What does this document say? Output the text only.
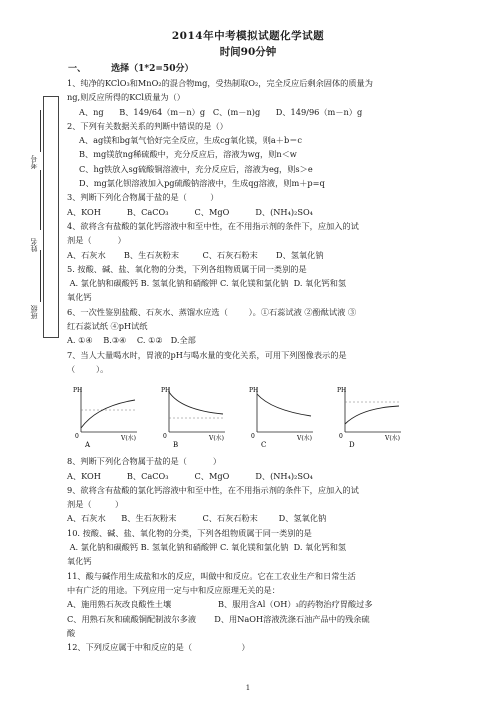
2014年中考模拟试题化学试题
时间90分钟
一、	选择（1*2=50分）
班级
姓名
考号

1、纯净的KClO₃和MnO₂的混合物mg，受热制取O₂，完全反应后剩余固体的质量为

ng,则反应所得的KCl质量为（）

A、ng      B、149/64（m－n）g   C、(m－n)g      D、149/96（m－n）g

2、下列有关数据关系的判断中错误的是（）

A、ag镁和bg氧气恰好完全反应，生成cg氧化镁，则a＋b＝c

B、mg镁放ng稀硫酸中，充分反应后，溶液为wg，则n＜w

C、hg铁放入sg硫酸铜溶液中，充分反应后，溶液为eg，则s＞e

D、mg氯化钡溶液加入pg硫酸钠溶液中，生成qg溶液，则m＋p=q

3、判断下列化合物属于盐的是（         ）

A、KOH          B、CaCO₃          C、MgO          D、(NH₄)₂SO₄

4、欲将含有盐酸的氯化钙溶液中和至中性，在不用指示剂的条件下，应加入的试

剂是（          ）

A、石灰水       B、生石灰粉末         C、石灰石粉末       D、氢氧化钠

5. 按酸、碱、盐、氧化物的分类，下列各组物质属于同一类别的是

A. 氯化钠和碳酸钙 B. 氢氧化钠和硝酸钾 C. 氧化镁和氯化钠  D. 氧化钙和氢

氧化钙

6、一次性鉴别盐酸、石灰水、蒸馏水应选（        ）。①石蕊试液 ②酚酞试液 ③

红石蕊试纸 ④pH试纸

A. ①④    B.③④    C. ①②   D.全部

7、当人大量喝水时，胃液的pH与喝水量的变化关系，可用下列图像表示的是

（        ）。

PH
0	V(水)
A
PH
0	V(水)
B
PH
0	V(水)
C
PH
0	V(水)
D

8、判断下列化合物属于盐的是（          ）

A、KOH          B、CaCO₃          C、MgO          D、(NH₄)₂SO₄

9、欲将含有盐酸的氯化钙溶液中和至中性，在不用指示剂的条件下，应加入的试

剂是（         ）

A、石灰水      B、生石灰粉末          C、石灰石粉末        D、氢氧化钠

10. 按酸、碱、盐、氧化物的分类，下列各组物质属于同一类别的是

A. 氯化钠和碳酸钙 B. 氢氧化钠和硝酸钾 C. 氧化镁和氯化钠  D. 氧化钙和氢

氧化钙

11、酸与碱作用生成盐和水的反应，叫做中和反应。它在工农业生产和日常生活

中有广泛的用途。下列应用一定与中和反应原理无关的是：

A、施用熟石灰改良酸性土壤                  B、服用含Al（OH）₃的药物治疗胃酸过多

C、用熟石灰和硫酸铜配制波尔多液       D、用NaOH溶液洗涤石油产品中的残余硫

酸

12、下列反应属于中和反应的是（                   ）

1
